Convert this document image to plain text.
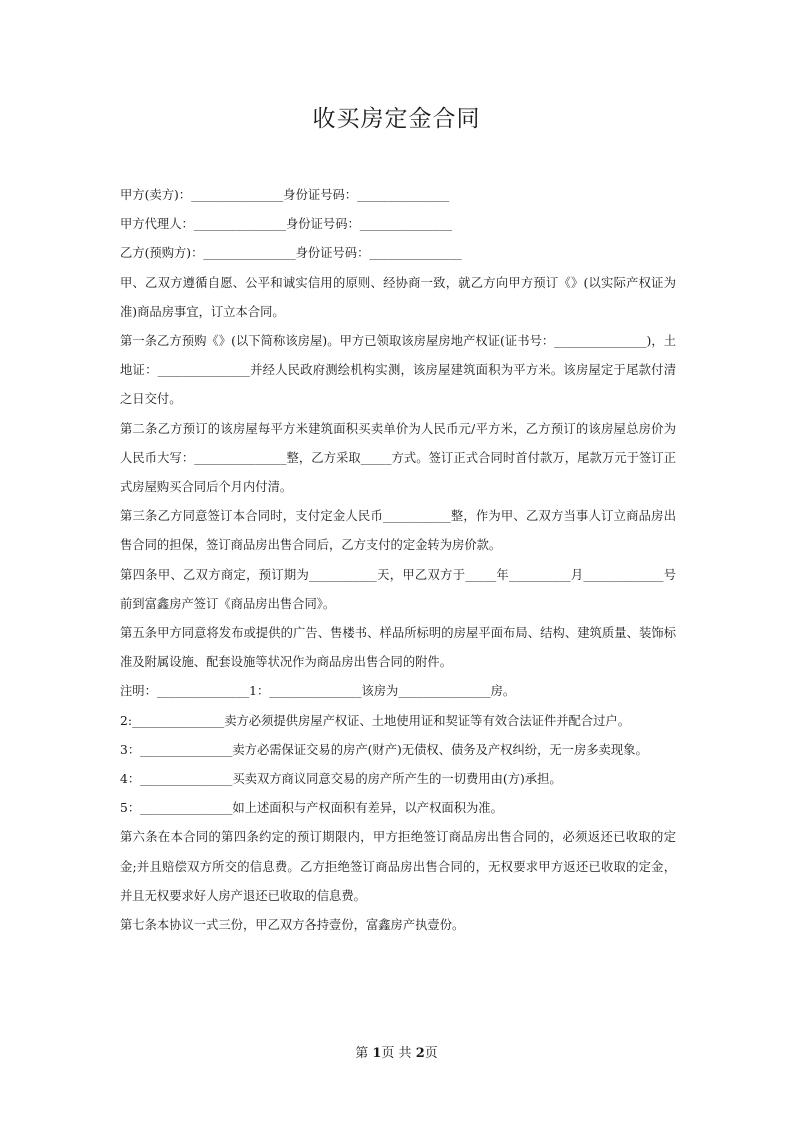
收买房定金合同

甲方(卖方)：_______________身份证号码：_______________

甲方代理人：_______________身份证号码：_______________

乙方(预购方)：_______________身份证号码：_______________

甲、乙双方遵循自愿、公平和诚实信用的原则、经协商一致，就乙方向甲方预订《》(以实际产权证为准)商品房事宜，订立本合同。

第一条乙方预购《》(以下简称该房屋)。甲方已领取该房屋房地产权证(证书号：_______________)，土地证：_______________并经人民政府测绘机构实测，该房屋建筑面积为平方米。该房屋定于尾款付清之日交付。

第二条乙方预订的该房屋每平方米建筑面积买卖单价为人民币元/平方米，乙方预订的该房屋总房价为人民币大写：_______________整，乙方采取_____方式。签订正式合同时首付款万，尾款万元于签订正式房屋购买合同后个月内付清。

第三条乙方同意签订本合同时，支付定金人民币___________整，作为甲、乙双方当事人订立商品房出售合同的担保，签订商品房出售合同后，乙方支付的定金转为房价款。

第四条甲、乙双方商定，预订期为___________天，甲乙双方于_____年__________月_____________号前到富鑫房产签订《商品房出售合同》。

第五条甲方同意将发布或提供的广告、售楼书、样品所标明的房屋平面布局、结构、建筑质量、装饰标准及附属设施、配套设施等状况作为商品房出售合同的附件。

注明：_______________1：_______________该房为_______________房。

2:_______________卖方必须提供房屋产权证、土地使用证和契证等有效合法证件并配合过户。

3：_______________卖方必需保证交易的房产(财产)无债权、债务及产权纠纷，无一房多卖现象。

4：_______________买卖双方商议同意交易的房产所产生的一切费用由(方)承担。

5：_______________如上述面积与产权面积有差异，以产权面积为准。

第六条在本合同的第四条约定的预订期限内，甲方拒绝签订商品房出售合同的，必须返还已收取的定金;并且赔偿双方所交的信息费。乙方拒绝签订商品房出售合同的，无权要求甲方返还已收取的定金，并且无权要求好人房产退还已收取的信息费。

第七条本协议一式三份，甲乙双方各持壹份，富鑫房产执壹份。

第 1页 共 2页
